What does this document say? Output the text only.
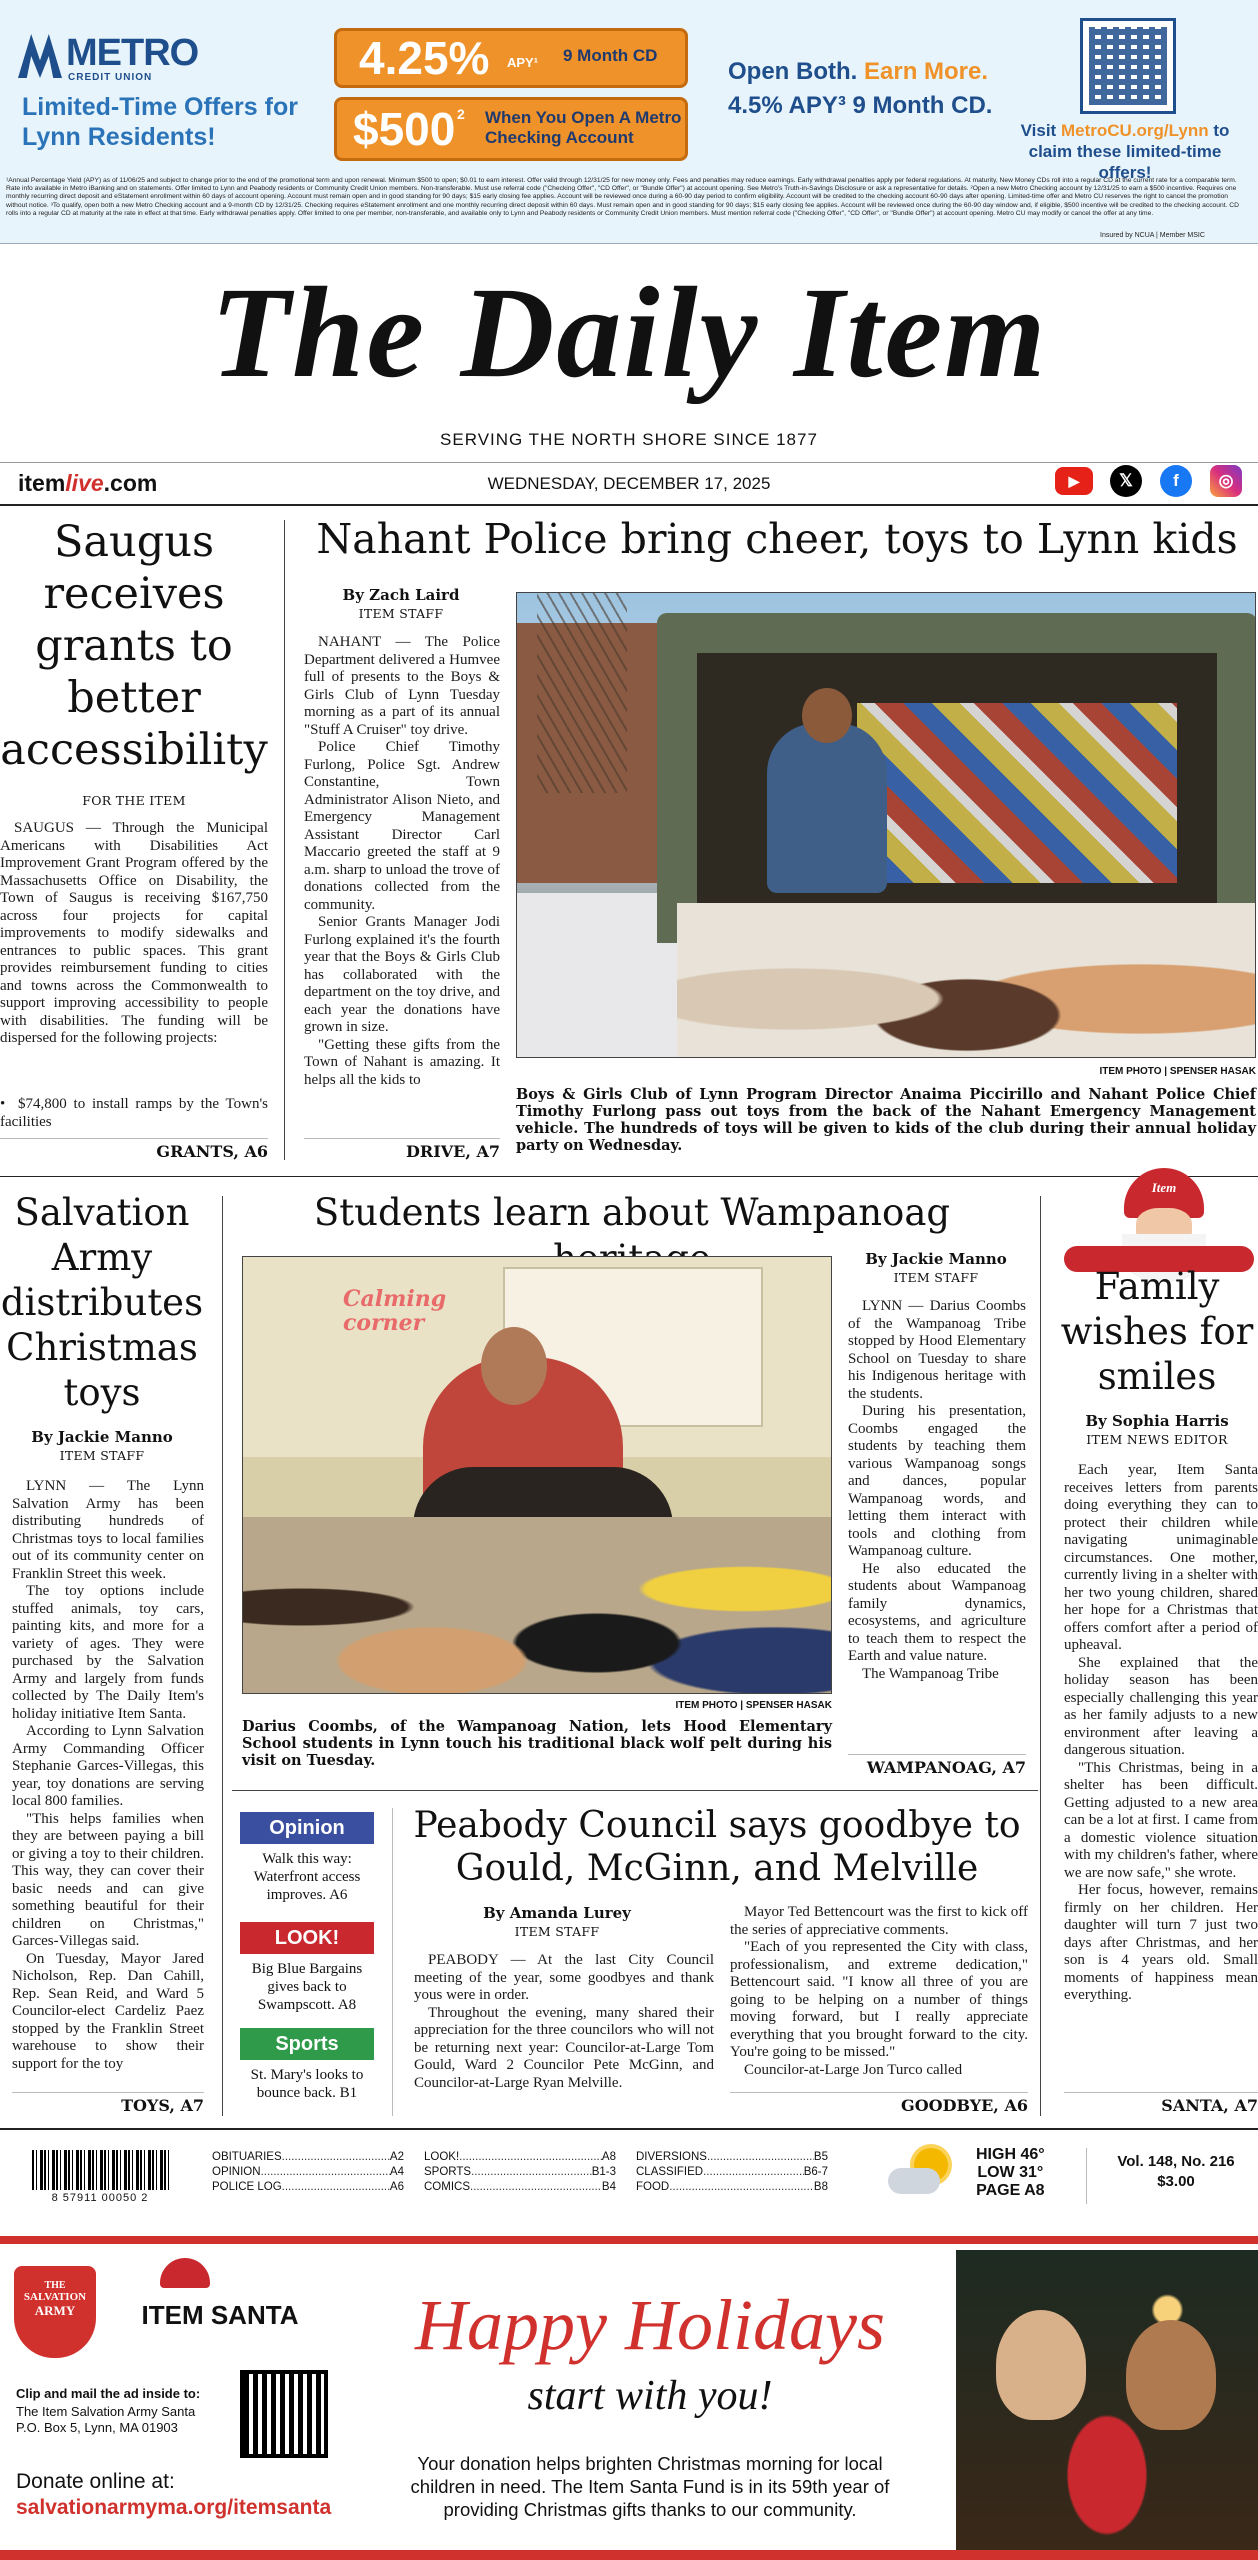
METRO
CREDIT UNION
Limited-Time Offers for Lynn Residents!
4.25% APY¹ 9 Month CD
$500 2 When You Open A Metro Checking Account
Open Both. Earn More.
4.5% APY³ 9 Month CD.
Visit MetroCU.org/Lynn to claim these limited-time offers!
¹Annual Percentage Yield (APY) as of 11/06/25 and subject to change prior to the end of the promotional term and upon renewal. Minimum $500 to open; $0.01 to earn interest. Offer valid through 12/31/25 for new money only. Fees and penalties may reduce earnings. Early withdrawal penalties apply per federal regulations. At maturity, New Money CDs roll into a regular CD at the current rate for a comparable term. Rate info available in Metro iBanking and on statements. Offer limited to Lynn and Peabody residents or Community Credit Union members. Non-transferable. Must use referral code ("Checking Offer", "CD Offer", or "Bundle Offer") at account opening. See Metro's Truth-in-Savings Disclosure or ask a representative for details. ²Open a new Metro Checking account by 12/31/25 to earn a $500 incentive. Requires one monthly recurring direct deposit and eStatement enrollment within 60 days of account opening. Account must remain open and in good standing for 90 days; $15 early closing fee applies. Account will be reviewed once during a 60-90 day period to confirm eligibility. Account will be credited to the checking account 60-90 days after opening. Limited-time offer and Metro CU reserves the right to cancel the promotion without notice. ³To qualify, open both a new Metro Checking account and a 9-month CD by 12/31/25. Checking requires eStatement enrollment and one monthly recurring direct deposit within 60 days. Must remain open and in good standing for 90 days; $15 early closing fee applies. Account will be reviewed once during the 60-90 day window and, if eligible, $500 incentive will be credited to the checking account. CD rolls into a regular CD at maturity at the rate in effect at that time. Early withdrawal penalties apply. Offer limited to one per member, non-transferable, and available only to Lynn and Peabody residents or Community Credit Union members. Must mention referral code ("Checking Offer", "CD Offer", or "Bundle Offer") at account opening. Metro CU may modify or cancel the offer at any time.
Insured by NCUA | Member MSIC
The Daily Item
SERVING THE NORTH SHORE SINCE 1877
itemlive.com	WEDNESDAY, DECEMBER 17, 2025	▶	𝕏	f	◎
Saugus receives grants to better accessibility
FOR THE ITEM
SAUGUS — Through the Municipal Americans with Disabilities Act Improvement Grant Program offered by the Massachusetts Office on Disability, the Town of Saugus is receiving $167,750 across four projects for capital improvements to modify sidewalks and entrances to public spaces. This grant provides reimbursement funding to cities and towns across the Commonwealth to support improving accessibility to people with disabilities. The funding will be dispersed for the following projects:
• $74,800 to install ramps by the Town's facilities
GRANTS, A6
Nahant Police bring cheer, toys to Lynn kids
By Zach Laird
ITEM STAFF

NAHANT — The Police Department delivered a Humvee full of presents to the Boys & Girls Club of Lynn Tuesday morning as a part of its annual "Stuff A Cruiser" toy drive.

Police Chief Timothy Furlong, Police Sgt. Andrew Constantine, Town Administrator Alison Nieto, and Emergency Management Assistant Director Carl Maccario greeted the staff at 9 a.m. sharp to unload the trove of donations collected from the community.

Senior Grants Manager Jodi Furlong explained it's the fourth year that the Boys & Girls Club has collaborated with the department on the toy drive, and each year the donations have grown in size.

"Getting these gifts from the Town of Nahant is amazing. It helps all the kids to

DRIVE, A7
ITEM PHOTO | SPENSER HASAK
Boys & Girls Club of Lynn Program Director Anaima Piccirillo and Nahant Police Chief Timothy Furlong pass out toys from the back of the Nahant Emergency Management vehicle. The hundreds of toys will be given to kids of the club during their annual holiday party on Wednesday.
Salvation Army distributes Christmas toys
By Jackie Manno
ITEM STAFF

LYNN — The Lynn Salvation Army has been distributing hundreds of Christmas toys to local families out of its community center on Franklin Street this week.

The toy options include stuffed animals, toy cars, painting kits, and more for a variety of ages. They were purchased by the Salvation Army and largely from funds collected by The Daily Item's holiday initiative Item Santa.

According to Lynn Salvation Army Commanding Officer Stephanie Garces-Villegas, this year, toy donations are serving local 800 families.

"This helps families when they are between paying a bill or giving a toy to their children. This way, they can cover their basic needs and can give something beautiful for their children on Christmas," Garces-Villegas said.

On Tuesday, Mayor Jared Nicholson, Rep. Dan Cahill, Rep. Sean Reid, and Ward 5 Councilor-elect Cardeliz Paez stopped by the Franklin Street warehouse to show their support for the toy

TOYS, A7
Students learn about Wampanoag
Calming corner
ITEM PHOTO | SPENSER HASAK
Darius Coombs, of the Wampanoag Nation, lets Hood Elementary School students in Lynn touch his traditional black wolf pelt during his visit on Tuesday.
By Jackie Manno
ITEM STAFF

LYNN — Darius Coombs of the Wampanoag Tribe stopped by Hood Elementary School on Tuesday to share his Indigenous heritage with the students.

During his presentation, Coombs engaged the students by teaching them various Wampanoag songs and dances, popular Wampanoag words, and letting them interact with tools and clothing from Wampanoag culture.

He also educated the students about Wampanoag family dynamics, ecosystems, and agriculture to teach them to respect the Earth and value nature.

The Wampanoag Tribe

WAMPANOAG, A7
Item
Family wishes for smiles
By Sophia Harris
ITEM NEWS EDITOR

Each year, Item Santa receives letters from parents doing everything they can to protect their children while navigating unimaginable circumstances. One mother, currently living in a shelter with her two young children, shared her hope for a Christmas that offers comfort after a period of upheaval.

She explained that the holiday season has been especially challenging this year as her family adjusts to a new environment after leaving a dangerous situation.

"This Christmas, being in a shelter has been difficult. Getting adjusted to a new area can be a lot at first. I came from a domestic violence situation with my children's father, where we are now safe," she wrote.

Her focus, however, remains firmly on her children. Her daughter will turn 7 just two days after Christmas, and her son is 4 years old. Small moments of happiness mean everything.

SANTA, A7
Opinion
Walk this way: Waterfront access improves. A6
LOOK!
Big Blue Bargains gives back to Swampscott. A8
Sports
St. Mary's looks to bounce back. B1
Peabody Council says goodbye to Gould, McGinn, and Melville
By Amanda Lurey
ITEM STAFF

PEABODY — At the last City Council meeting of the year, some goodbyes and thank yous were in order.

Throughout the evening, many shared their appreciation for the three councilors who will not be returning next year: Councilor-at-Large Tom Gould, Ward 2 Councilor Pete McGinn, and Councilor-at-Large Ryan Melville.

Mayor Ted Bettencourt was the first to kick off the series of appreciative comments.

"Each of you represented the City with class, professionalism, and extreme dedication," Bettencourt said. "I know all three of you are going to be helping on a number of things moving forward, but I really appreciate everything that you brought forward to the city. You're going to be missed."

Councilor-at-Large Jon Turco called

GOODBYE, A6
8 57911 00050 2
OBITUARIES .....	A2
OPINION .....	A4
POLICE LOG .....	A6
LOOK! .....	A8
SPORTS .....	B1-3
COMICS .....	B4
DIVERSIONS .....	B5
CLASSIFIED .....	B6-7
FOOD .....	B8
HIGH 46°
LOW 31°
PAGE A8
Vol. 148, No. 216
$3.00
THE
SALVATION
ARMY	ITEM SANTA
Clip and mail the ad inside to:
The Item Salvation Army Santa
P.O. Box 5, Lynn, MA 01903
Donate online at:
salvationarmyma.org/itemsanta
Happy Holidays
start with you!
Your donation helps brighten Christmas morning for local children in need. The Item Santa Fund is in its 59th year of providing Christmas gifts thanks to our community.
